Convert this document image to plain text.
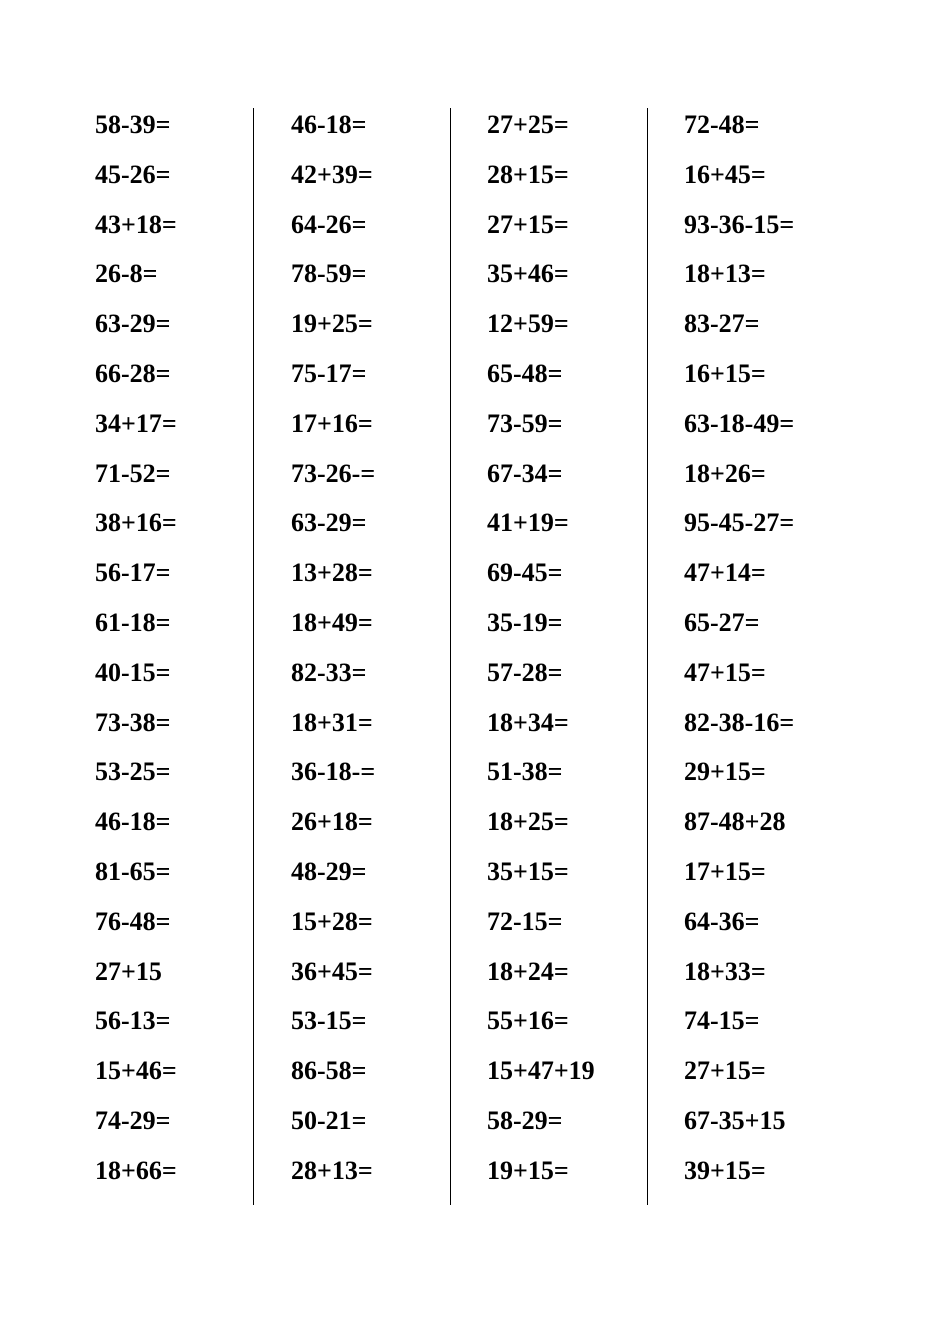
58-39=
45-26=
43+18=
26-8=
63-29=
66-28=
34+17=
71-52=
38+16=
56-17=
61-18=
40-15=
73-38=
53-25=
46-18=
81-65=
76-48=
27+15
56-13=
15+46=
74-29=
18+66=
46-18=
42+39=
64-26=
78-59=
19+25=
75-17=
17+16=
73-26-=
63-29=
13+28=
18+49=
82-33=
18+31=
36-18-=
26+18=
48-29=
15+28=
36+45=
53-15=
86-58=
50-21=
28+13=
27+25=
28+15=
27+15=
35+46=
12+59=
65-48=
73-59=
67-34=
41+19=
69-45=
35-19=
57-28=
18+34=
51-38=
18+25=
35+15=
72-15=
18+24=
55+16=
15+47+19
58-29=
19+15=
72-48=
16+45=
93-36-15=
18+13=
83-27=
16+15=
63-18-49=
18+26=
95-45-27=
47+14=
65-27=
47+15=
82-38-16=
29+15=
87-48+28
17+15=
64-36=
18+33=
74-15=
27+15=
67-35+15
39+15=
